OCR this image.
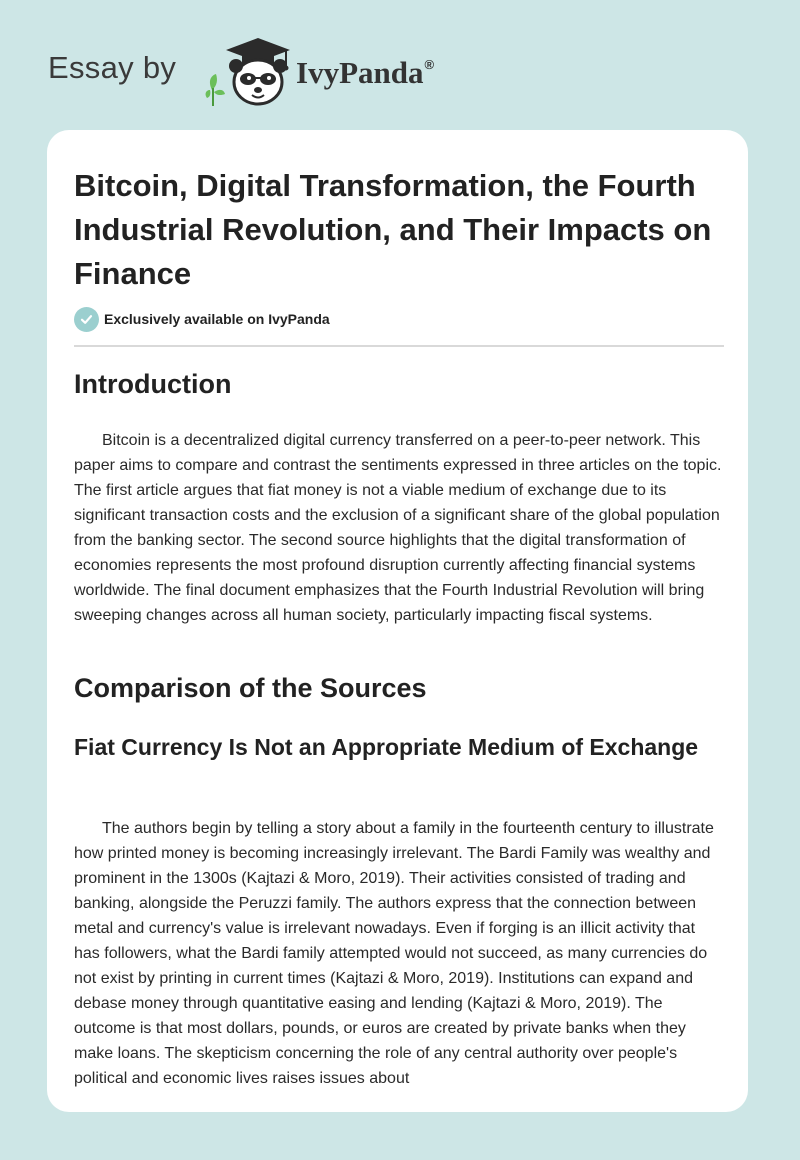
Essay by	IvyPanda®
Bitcoin, Digital Transformation, the Fourth Industrial Revolution, and Their Impacts on Finance
Exclusively available on IvyPanda
Introduction

Bitcoin is a decentralized digital currency transferred on a peer-to-peer network. This paper aims to compare and contrast the sentiments expressed in three articles on the topic. The first article argues that fiat money is not a viable medium of exchange due to its significant transaction costs and the exclusion of a significant share of the global population from the banking sector. The second source highlights that the digital transformation of economies represents the most profound disruption currently affecting financial systems worldwide. The final document emphasizes that the Fourth Industrial Revolution will bring sweeping changes across all human society, particularly impacting fiscal systems.

Comparison of the Sources
Fiat Currency Is Not an Appropriate Medium of Exchange

The authors begin by telling a story about a family in the fourteenth century to illustrate how printed money is becoming increasingly irrelevant. The Bardi Family was wealthy and prominent in the 1300s (Kajtazi & Moro, 2019). Their activities consisted of trading and banking, alongside the Peruzzi family. The authors express that the connection between metal and currency's value is irrelevant nowadays. Even if forging is an illicit activity that has followers, what the Bardi family attempted would not succeed, as many currencies do not exist by printing in current times (Kajtazi & Moro, 2019). Institutions can expand and debase money through quantitative easing and lending (Kajtazi & Moro, 2019). The outcome is that most dollars, pounds, or euros are created by private banks when they make loans. The skepticism concerning the role of any central authority over people's political and economic lives raises issues about
